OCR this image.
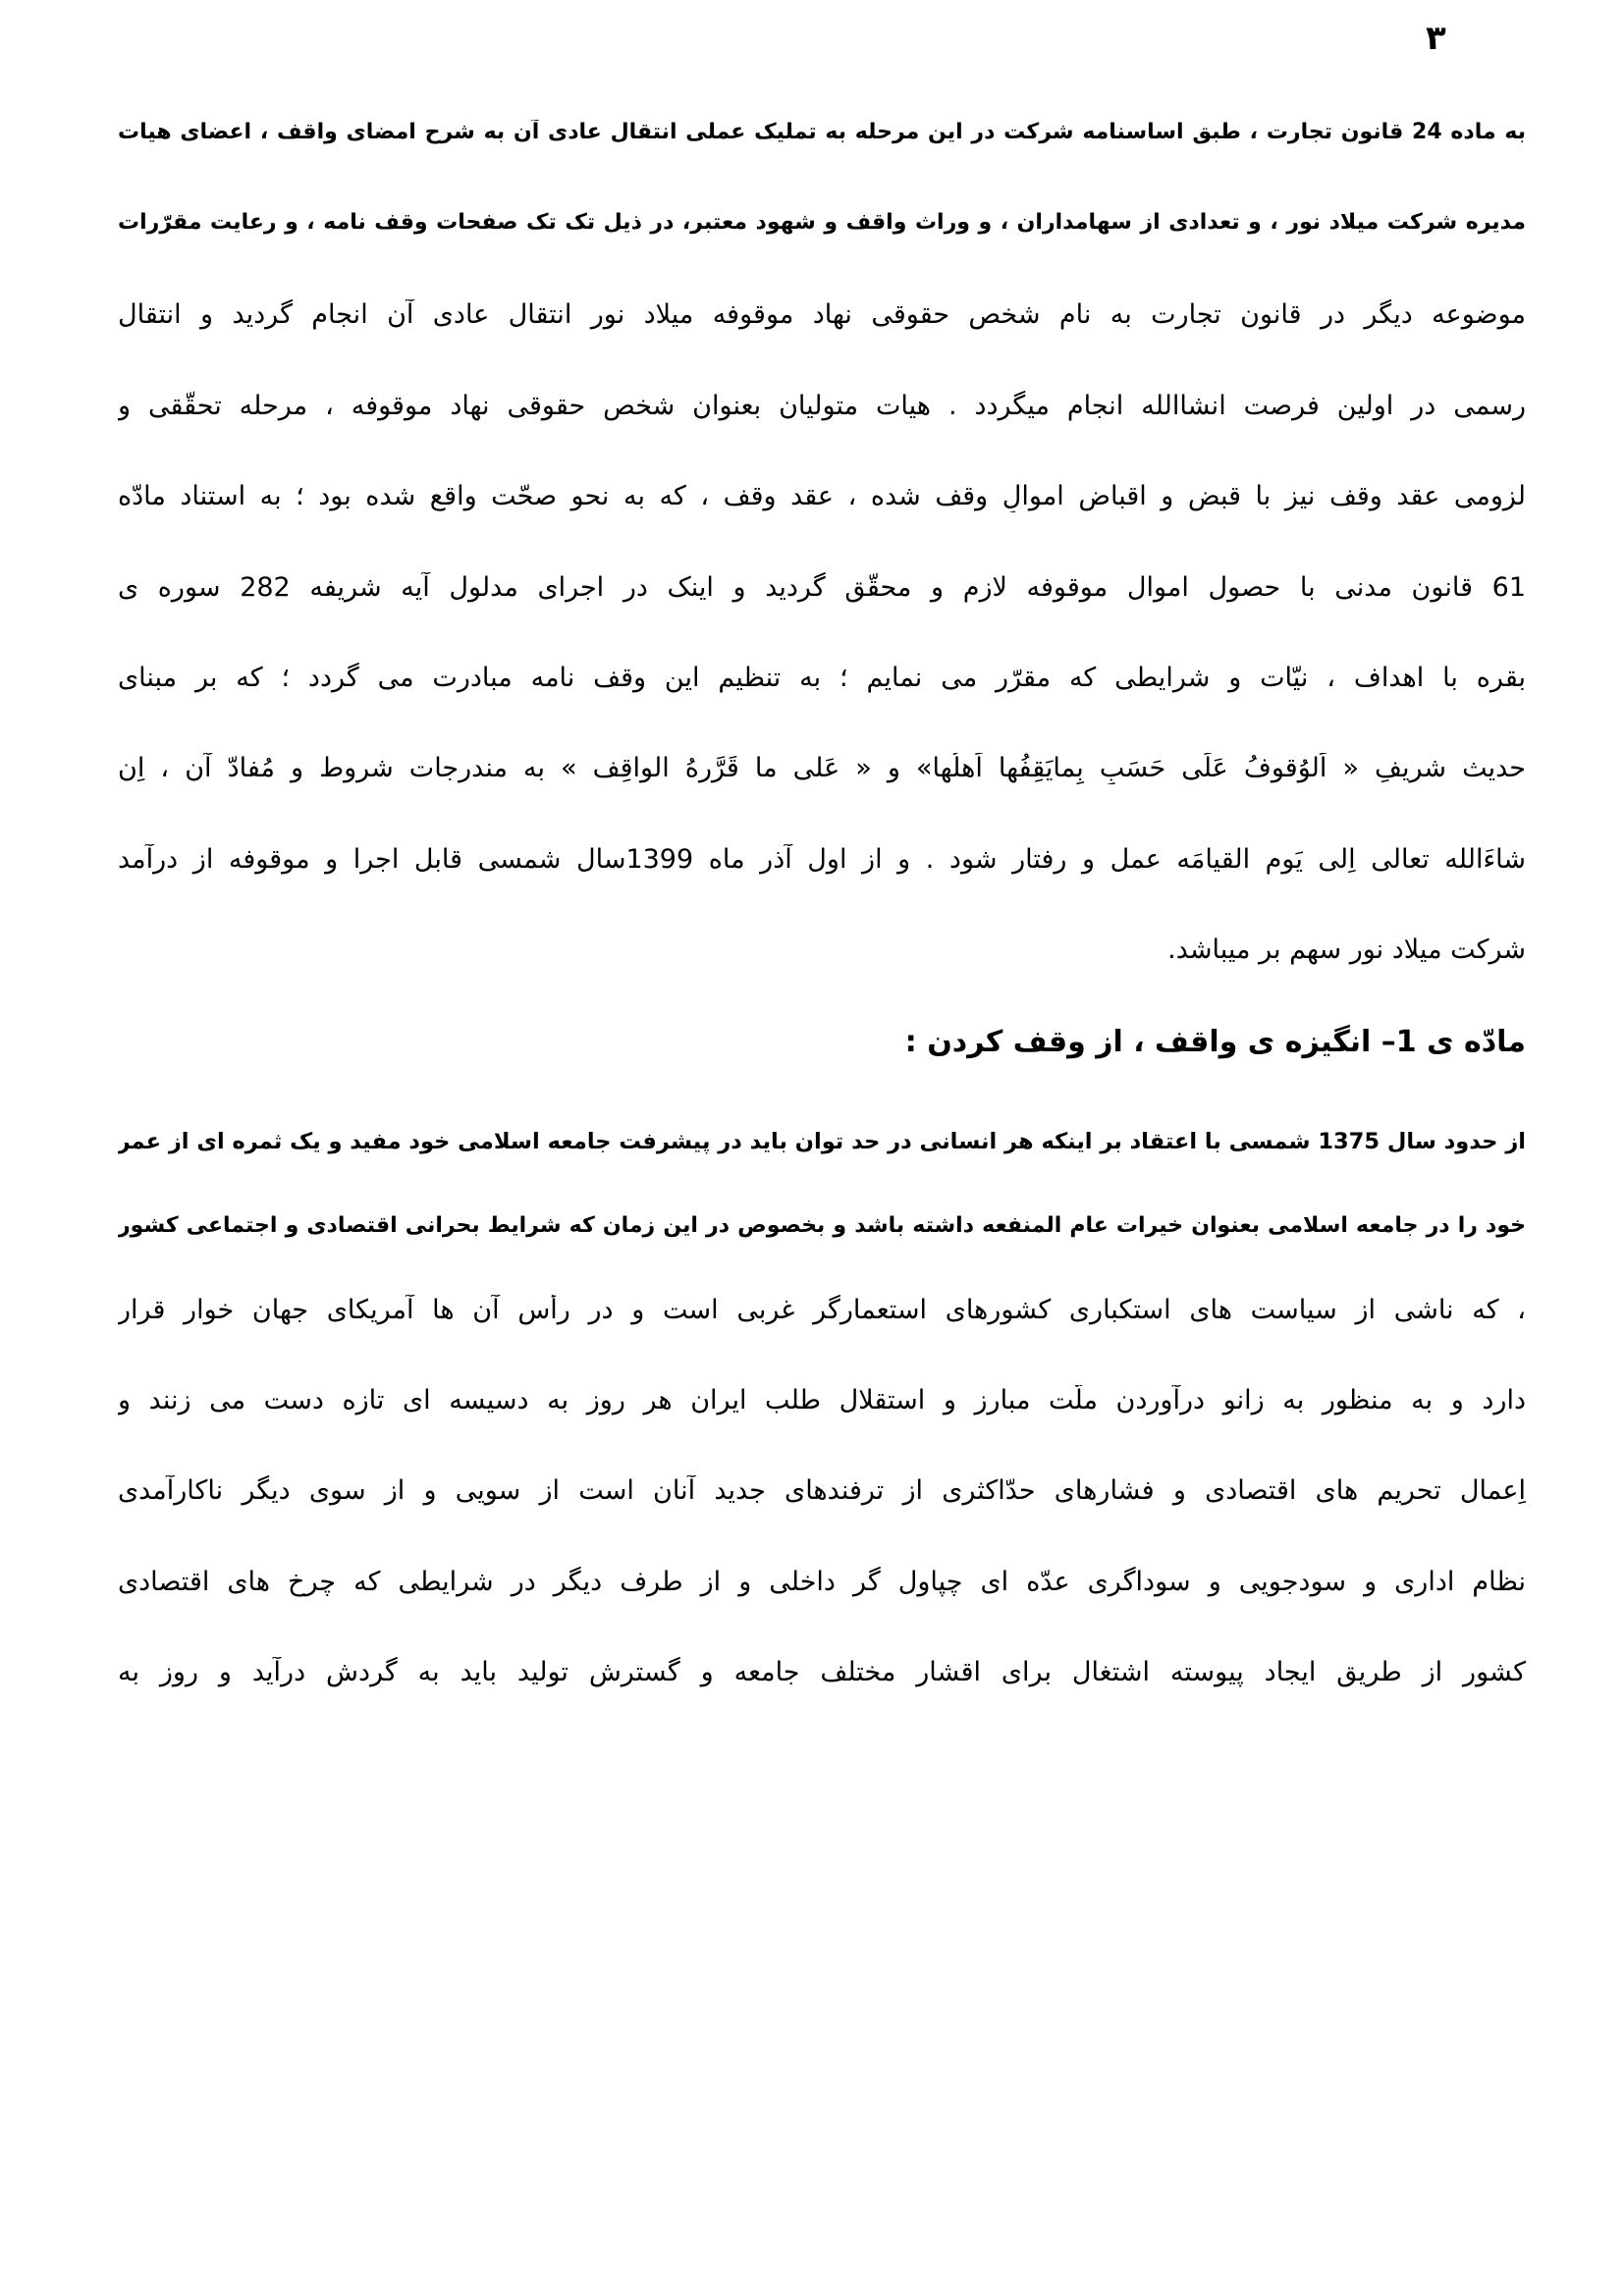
۳
به ماده 24 قانون تجارت ، طبق اساسنامه شرکت در این مرحله به تملیک عملی انتقال عادی آن به شرح امضای واقف ، اعضای هیات
مدیره شرکت میلاد نور ، و تعدادی از سهامداران ، و وراث واقف و شهود معتبر، در ذیل تک تک صفحات وقف نامه ، و رعایت مقرّرات
موضوعه دیگر در قانون تجارت به نام شخص حقوقی نهاد موقوفه میلاد نور انتقال عادی آن انجام گردید و انتقال
رسمی در اولین فرصت انشاالله انجام میگردد . هیات متولیان بعنوان شخص حقوقی نهاد موقوفه ، مرحله تحقّقی و
لزومی عقد وقف نیز با قبض و اقباض اموالِ وقف شده ، عقد وقف ، که به نحو صحّت واقع شده بود ؛ به استناد مادّه
61 قانون مدنی با حصول اموال موقوفه لازم و محقّق گردید و اینک در اجرای مدلول آیه شریفه 282 سوره ی
بقره با اهداف ، نیّات و شرایطی که مقرّر می نمایم ؛ به تنظیم این وقف نامه مبادرت می گردد ؛ که بر مبنای
حدیث شریفِ « اَلوُقوفُ عَلَی حَسَبِ بِمایَقِفُها اَهلُها» و « عَلی ما قَرَّرهُ الواقِف » به مندرجات شروط و مُفادّ آن ، اِن
شاءَالله تعالی اِلی یَومِ القیامَه عمل و رفتار شود . و از اول آذر ماه 1399سال شمسی قابل اجرا و موقوفه از درآمد
شرکت میلاد نور سهم بر میباشد.
مادّه ی 1– انگیزه ی واقف ، از وقف کردن :
از حدود سال 1375 شمسی با اعتقاد بر اینکه هر انسانی در حد توان باید در پیشرفت جامعه اسلامی خود مفید و یک ثمره ای از عمر
خود را در جامعه اسلامی بعنوان خیرات عام المنفعه داشته باشد و بخصوص در این زمان که شرایط بحرانی اقتصادی و اجتماعی کشور
، که ناشی از سیاست های استکباری کشورهای استعمارگر غربی است و در رأس آن ها آمریکای جهان خوار قرار
دارد و به منظور به زانو درآوردن ملّت مبارز و استقلال طلب ایران هر روز به دسیسه ای تازه دست می زنند و
اِعمال تحریم های اقتصادی و فشارهای حدّاکثری از ترفندهای جدید آنان است از سویی و از سوی دیگر ناکارآمدی
نظام اداری و سودجویی و سوداگری عدّه ای چپاول گر داخلی و از طرف دیگر در شرایطی که چرخ های اقتصادی
کشور از طریق ایجاد پیوسته اشتغال برای اقشار مختلف جامعه و گسترش تولید باید به گردش درآید و روز به
